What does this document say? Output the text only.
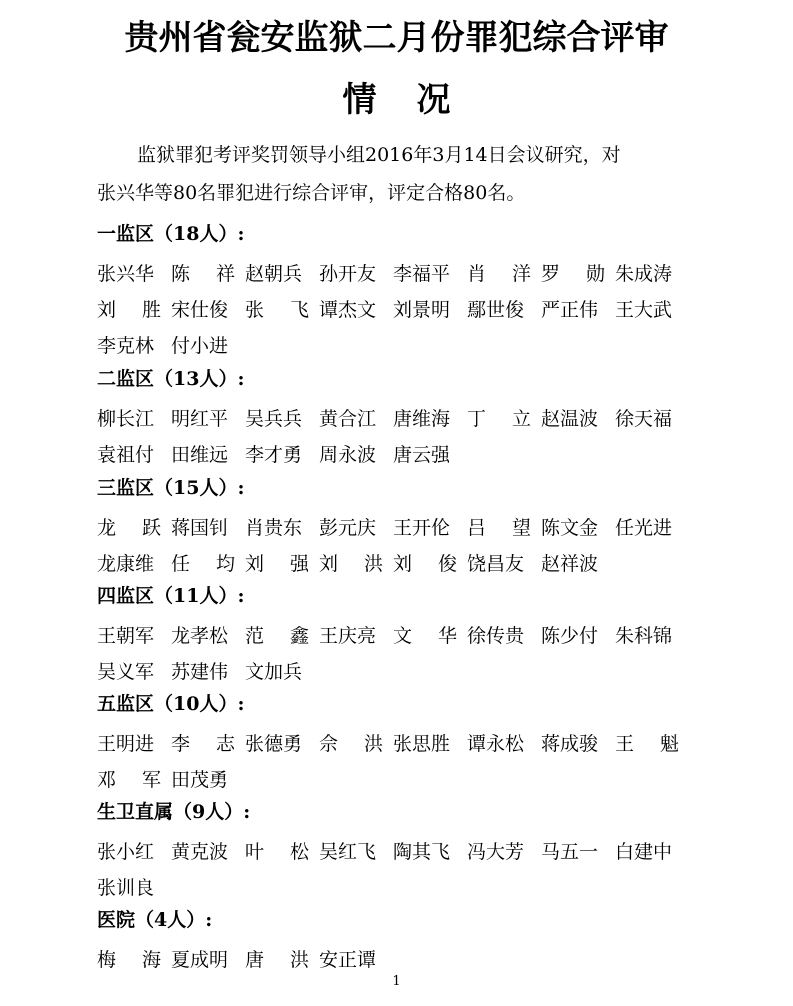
贵州省瓮安监狱二月份罪犯综合评审
情况
监狱罪犯考评奖罚领导小组2016年3月14日会议研究，对
张兴华等80名罪犯进行综合评审，评定合格80名。
一监区（18人）:
张兴华 陈 祥 赵朝兵 孙开友 李福平 肖 洋 罗 勋 朱成涛
刘 胜 宋仕俊 张 飞 谭杰文 刘景明 鄢世俊 严正伟 王大武
李克林 付小进
二监区（13人）:
柳长江 明红平 吴兵兵 黄合江 唐维海 丁 立 赵温波 徐天福
袁祖付 田维远 李才勇 周永波 唐云强
三监区（15人）:
龙 跃 蒋国钊 肖贵东 彭元庆 王开伦 吕 望 陈文金 任光进
龙康维 任 均 刘 强 刘 洪 刘 俊 饶昌友 赵祥波
四监区（11人）:
王朝军 龙孝松 范 鑫 王庆亮 文 华 徐传贵 陈少付 朱科锦
吴义军 苏建伟 文加兵
五监区（10人）:
王明进 李 志 张德勇 佘 洪 张思胜 谭永松 蒋成骏 王 魁
邓 军 田茂勇
生卫直属（9人）:
张小红 黄克波 叶 松 吴红飞 陶其飞 冯大芳 马五一 白建中
张训良
医院（4人）:
梅 海 夏成明 唐 洪 安正谭
1
